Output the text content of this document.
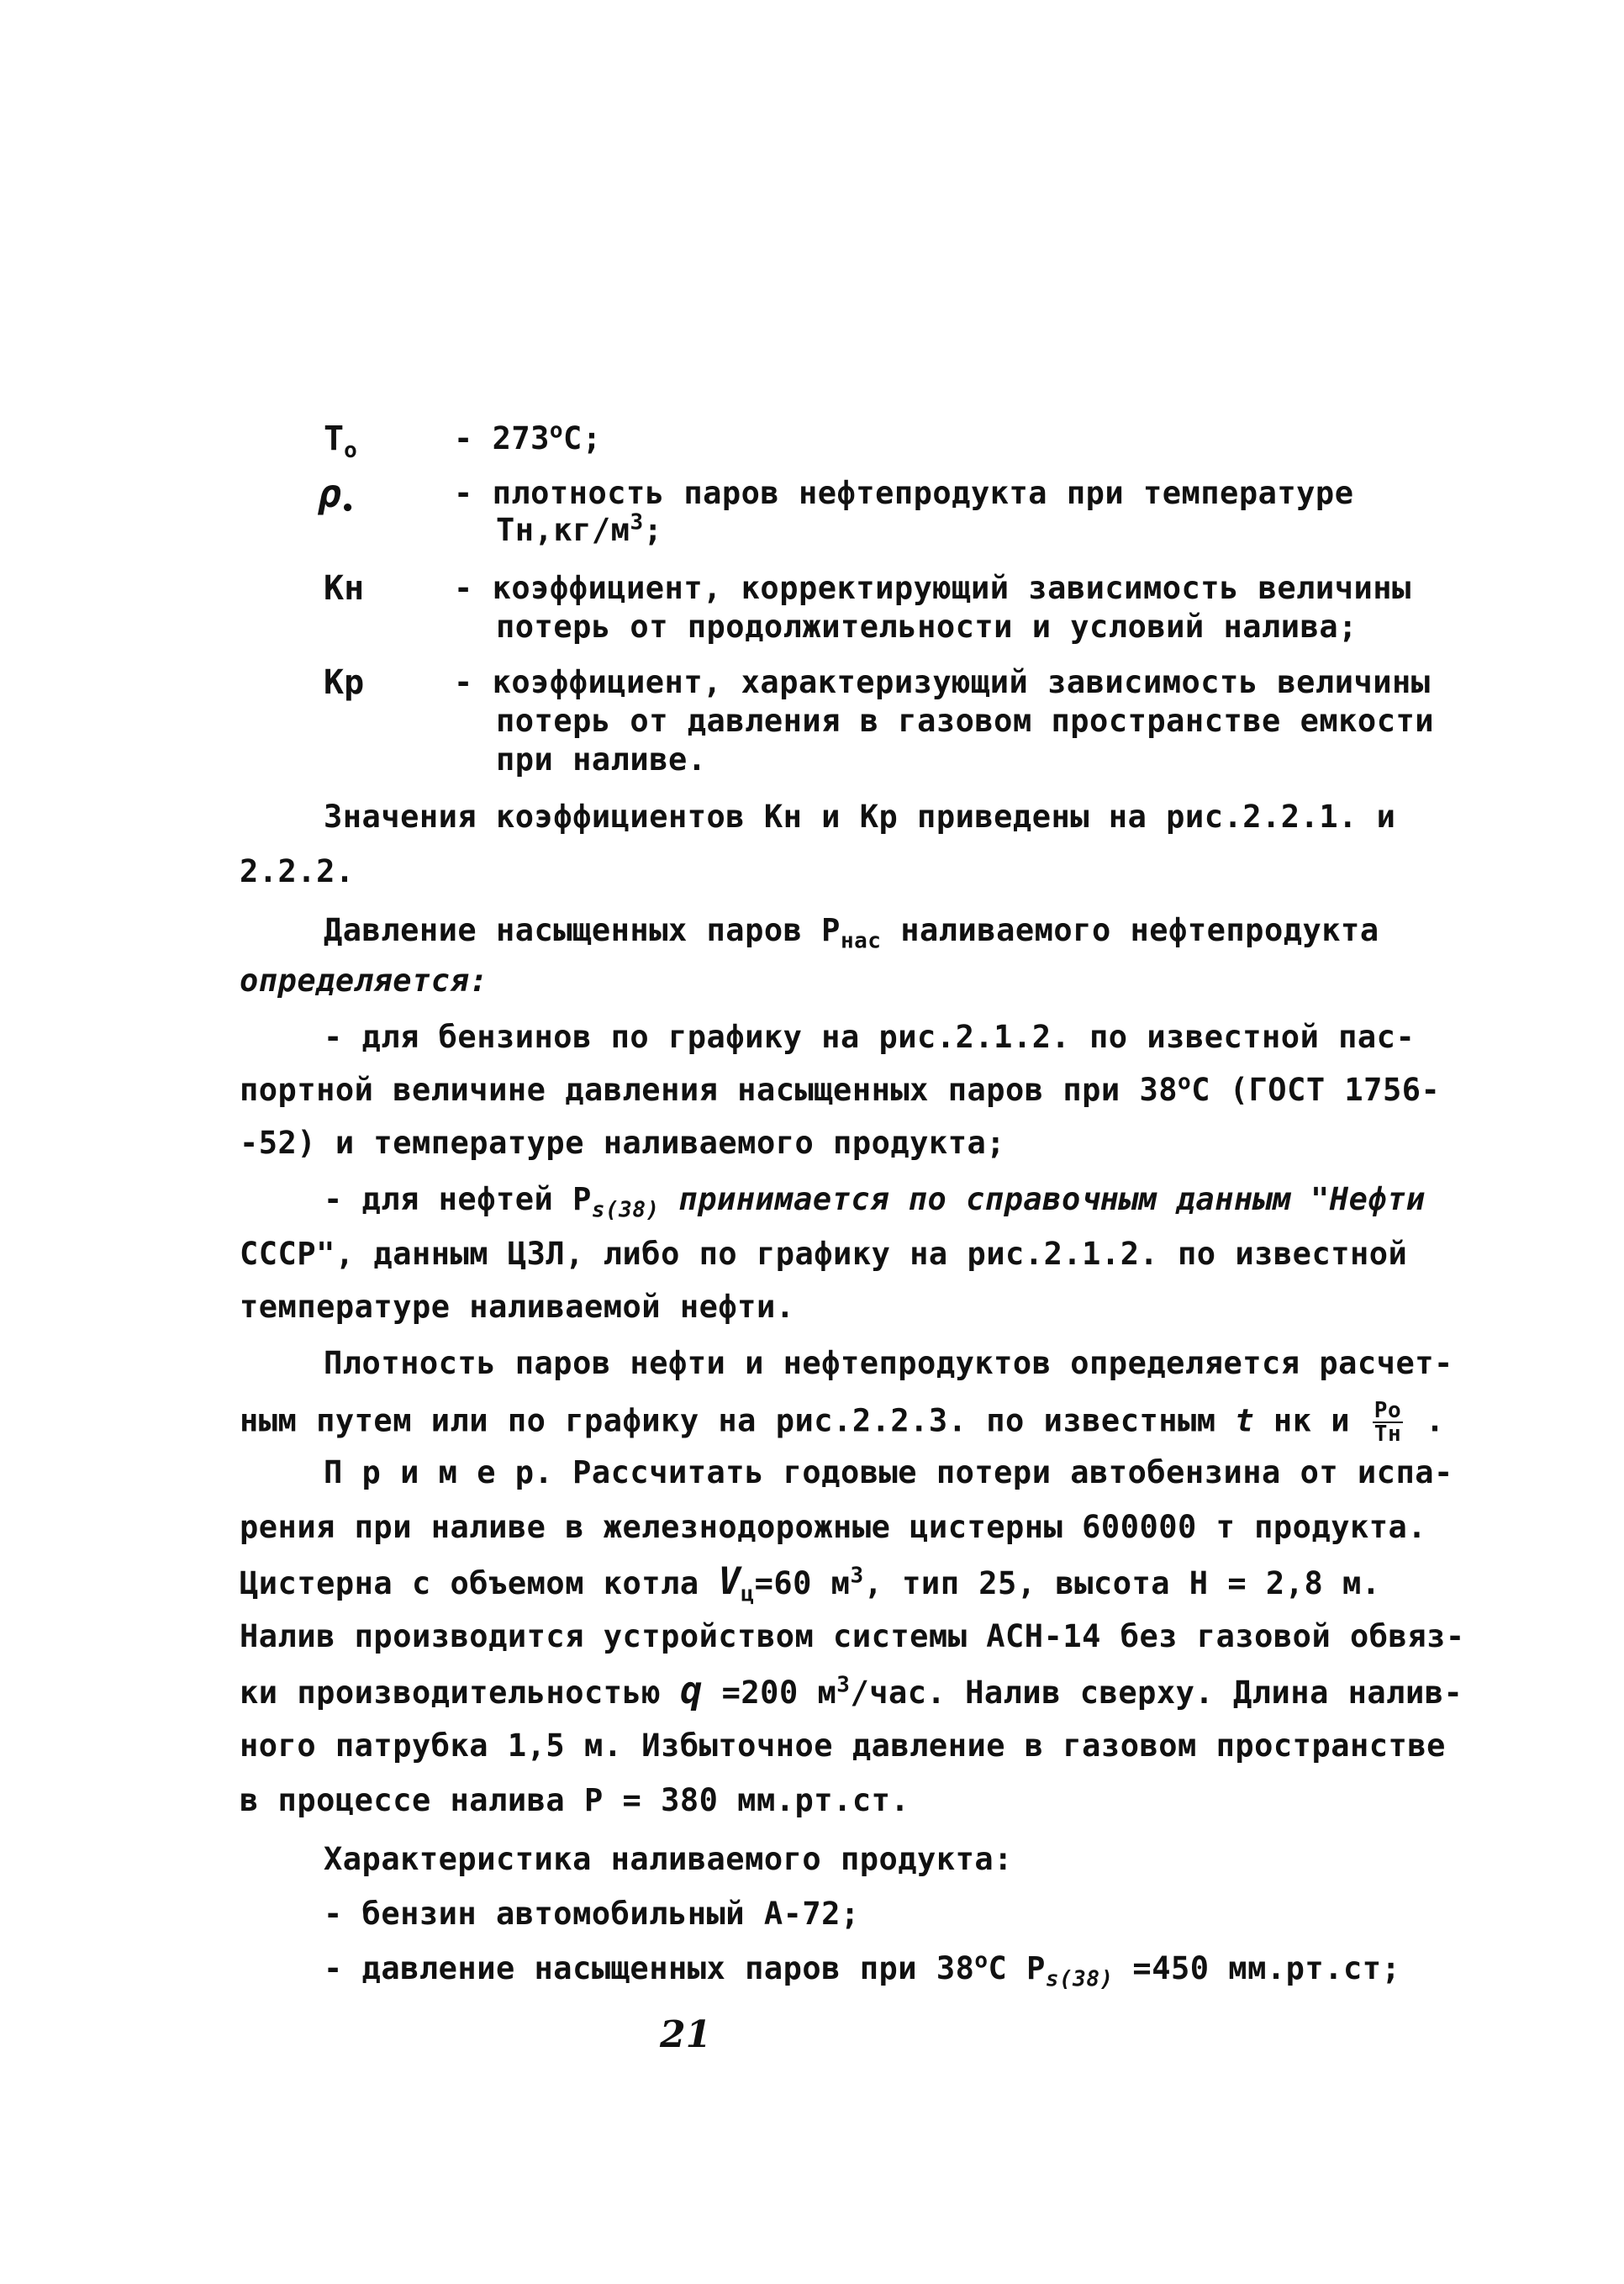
$T_o$	- 273$^o$С;
$\rho_•$	- плотность паров нефтепродукта при температуре
$Тн,кг/м^3$;
Кн	- коэффициент, корректирующий зависимость величины
потерь от продолжительности и условий налива;
Кр	- коэффициент, характеризующий зависимость величины
потерь от давления в газовом пространстве емкости
при наливе.
Значения коэффициентов Кн и Кр приведены на рис.2.2.1. и
2.2.2.
Давление насыщенных паров $Р_{нас}$ наливаемого нефтепродукта
определяется:
- для бензинов по графику на рис.2.1.2. по известной пас-
портной величине давления насыщенных паров при $38^оС$ (ГОСТ 1756-
-52) и температуре наливаемого продукта;
- для нефтей $Р_{s(38)}$ принимается по справочным данным "Нефти
СССР", данным ЦЗЛ, либо по графику на рис.2.1.2. по известной
температуре наливаемой нефти.
Плотность паров нефти и нефтепродуктов определяется расчет-
ным путем или по графику на рис.2.2.3. по известным t нк и $\frac{Ро}{Тн}$ .
П р и м е р. Рассчитать годовые потери автобензина от испа-
рения при наливе в железнодорожные цистерны 600000 т продукта.
Цистерна с объемом котла $V_ц=60$ $м^3$, тип 25, высота Н = 2,8 м.
Налив производится устройством системы АСН-14 без газовой обвяз-
ки производительностью q =200 $м^3$/час. Налив сверху. Длина налив-
ного патрубка 1,5 м. Избыточное давление в газовом пространстве
в процессе налива Р = 380 мм.рт.ст.
Характеристика наливаемого продукта:
- бензин автомобильный А-72;
- давление насыщенных паров при $38^оС$ $Р_{s(38)} =450$ мм.рт.ст;
21
